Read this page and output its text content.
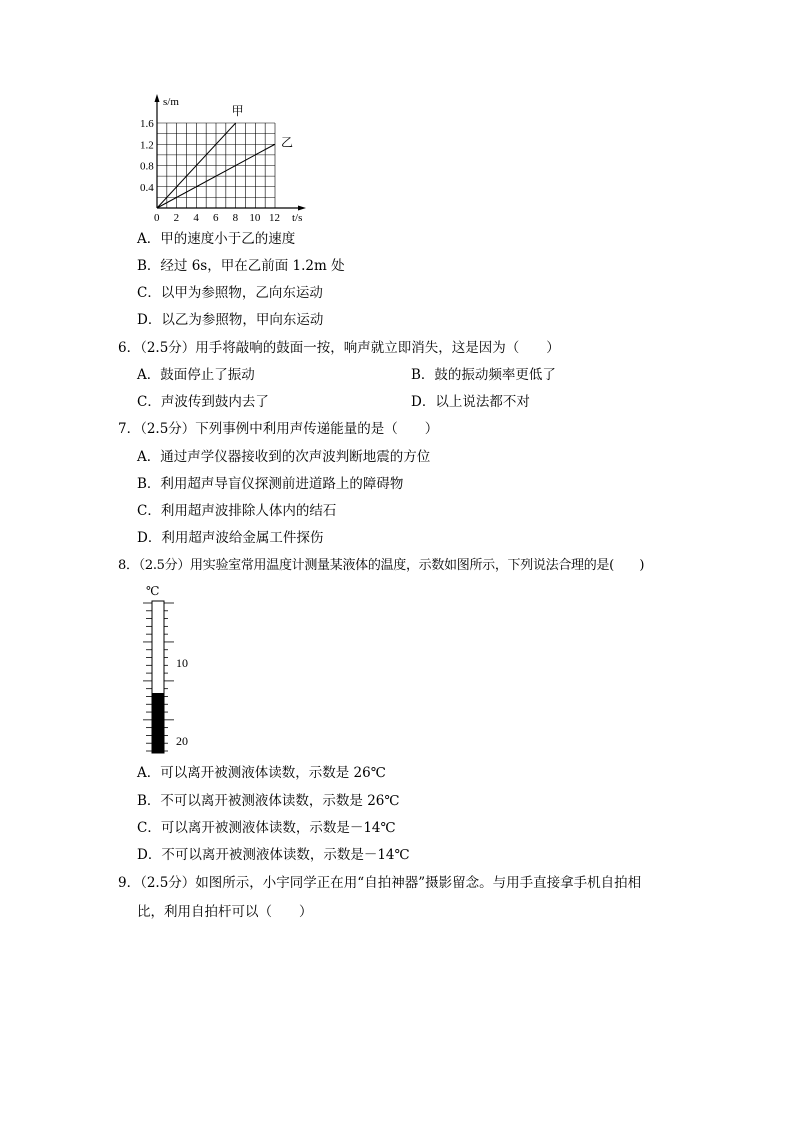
甲
乙
0 2 4 6 8 10 12
0.4
0.8
1.2
1.6
s/m
t/s
A．甲的速度小于乙的速度
B．经过 6s，甲在乙前面 1.2m 处
C．以甲为参照物，乙向东运动
D．以乙为参照物，甲向东运动
6．（2.5分）用手将敲响的鼓面一按，响声就立即消失，这是因为（　　）
A．鼓面停止了振动	B．鼓的振动频率更低了
C．声波传到鼓内去了	D．以上说法都不对
7．（2.5分）下列事例中利用声传递能量的是（　　）
A．通过声学仪器接收到的次声波判断地震的方位
B．利用超声导盲仪探测前进道路上的障碍物
C．利用超声波排除人体内的结石
D．利用超声波给金属工件探伤
8．（2.5分）用实验室常用温度计测量某液体的温度，示数如图所示，下列说法合理的是(　　)
℃
10
20
A．可以离开被测液体读数，示数是 26℃
B．不可以离开被测液体读数，示数是 26℃
C．可以离开被测液体读数，示数是－14℃
D．不可以离开被测液体读数，示数是－14℃
9．（2.5分）如图所示，小宇同学正在用“自拍神器”摄影留念。与用手直接拿手机自拍相
比，利用自拍杆可以（　　）
